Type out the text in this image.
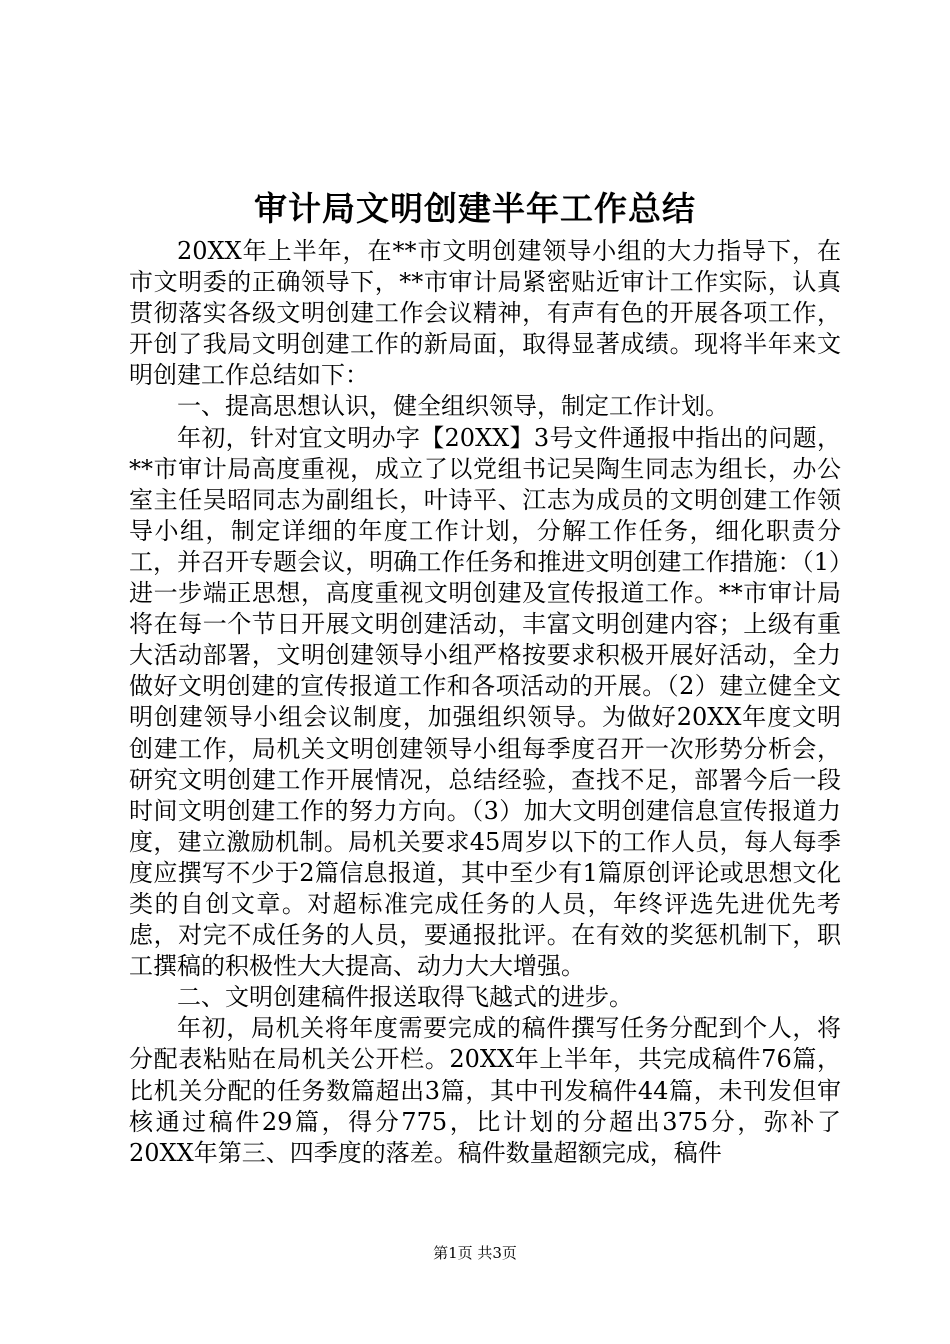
审计局文明创建半年工作总结

20XX年上半年，在**市文明创建领导小组的大力指导下，在市文明委的正确领导下，**市审计局紧密贴近审计工作实际，认真贯彻落实各级文明创建工作会议精神，有声有色的开展各项工作，开创了我局文明创建工作的新局面，取得显著成绩。现将半年来文明创建工作总结如下：

一、提高思想认识，健全组织领导，制定工作计划。

年初，针对宜文明办字【20XX】3号文件通报中指出的问题，**市审计局高度重视，成立了以党组书记吴陶生同志为组长，办公室主任吴昭同志为副组长，叶诗平、江志为成员的文明创建工作领导小组，制定详细的年度工作计划，分解工作任务，细化职责分工，并召开专题会议，明确工作任务和推进文明创建工作措施：（1）进一步端正思想，高度重视文明创建及宣传报道工作。**市审计局将在每一个节日开展文明创建活动，丰富文明创建内容；上级有重大活动部署，文明创建领导小组严格按要求积极开展好活动，全力做好文明创建的宣传报道工作和各项活动的开展。（2）建立健全文明创建领导小组会议制度，加强组织领导。为做好20XX年度文明创建工作，局机关文明创建领导小组每季度召开一次形势分析会，研究文明创建工作开展情况，总结经验，查找不足，部署今后一段时间文明创建工作的努力方向。（3）加大文明创建信息宣传报道力度，建立激励机制。局机关要求45周岁以下的工作人员，每人每季度应撰写不少于2篇信息报道，其中至少有1篇原创评论或思想文化类的自创文章。对超标准完成任务的人员，年终评选先进优先考虑，对完不成任务的人员，要通报批评。在有效的奖惩机制下，职工撰稿的积极性大大提高、动力大大增强。

二、文明创建稿件报送取得飞越式的进步。

年初，局机关将年度需要完成的稿件撰写任务分配到个人，将分配表粘贴在局机关公开栏。20XX年上半年，共完成稿件76篇，比机关分配的任务数篇超出3篇，其中刊发稿件44篇，未刊发但审核通过稿件29篇，得分775，比计划的分超出375分，弥补了20XX年第三、四季度的落差。稿件数量超额完成，稿件

第1页 共3页
